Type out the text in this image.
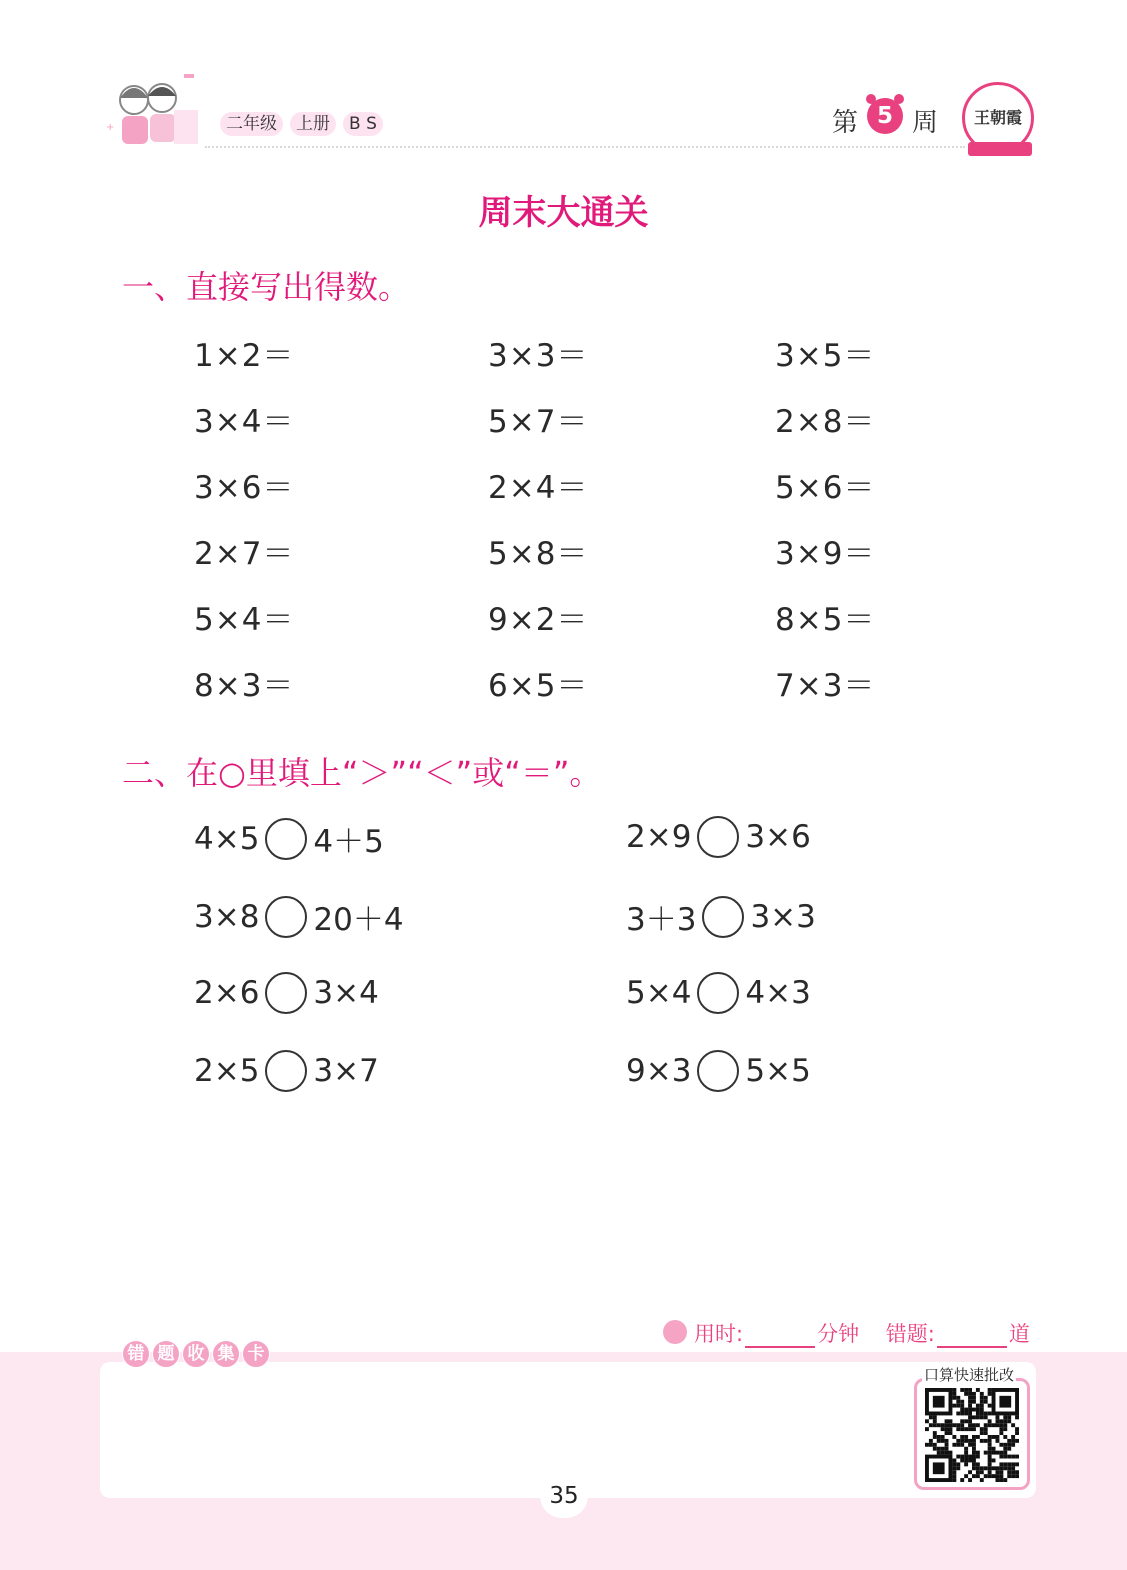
+	二年级	上册	B S	第 5 周	王朝霞
周末大通关
一、直接写出得数。
1×2＝	3×3＝	3×5＝
3×4＝	5×7＝	2×8＝
3×6＝	2×4＝	5×6＝
2×7＝	5×8＝	3×9＝
5×4＝	9×2＝	8×5＝
8×3＝	6×5＝	7×3＝
二、在○里填上“＞”“＜”或“＝”。
4×5 4＋5	2×9 3×6
3×8 20＋4	3＋3 3×3
2×6 3×4	5×4 4×3
2×5 3×7	9×3 5×5
用时:	分钟 错题:	道
错 题 收 集 卡
口算快速批改
35
